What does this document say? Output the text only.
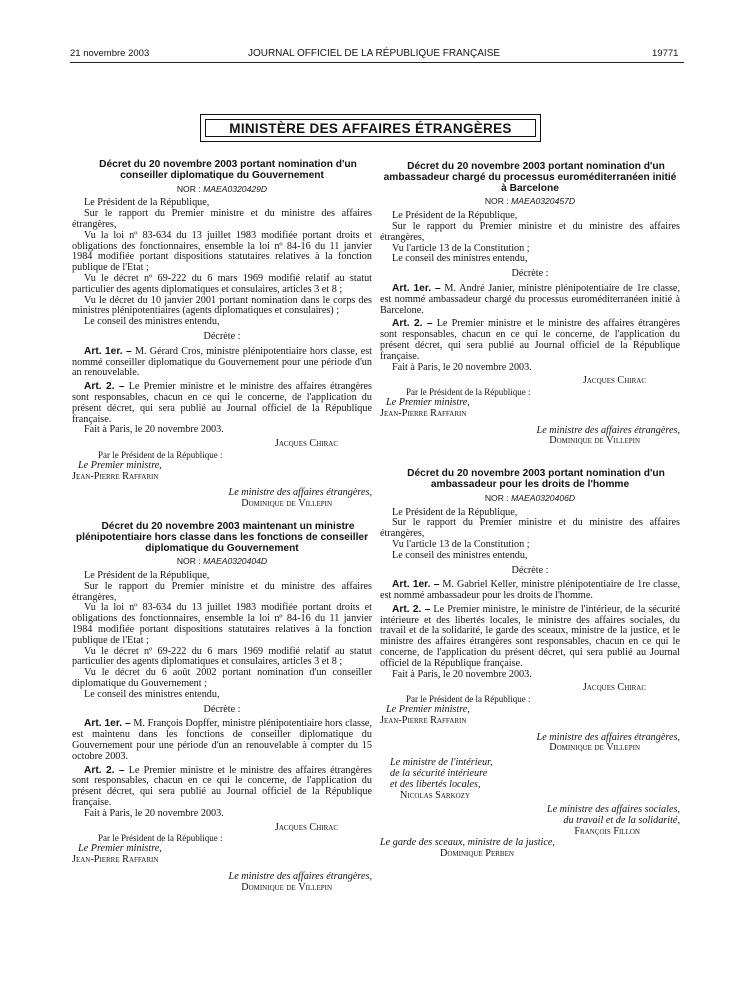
21 novembre 2003	JOURNAL OFFICIEL DE LA RÉPUBLIQUE FRANÇAISE	19771
MINISTÈRE DES AFFAIRES ÉTRANGÈRES

Décret du 20 novembre 2003 portant nomination d'un conseiller diplomatique du Gouvernement

NOR : MAEA0320429D

Le Président de la République,

Sur le rapport du Premier ministre et du ministre des affaires étrangères,

Vu la loi nº 83-634 du 13 juillet 1983 modifiée portant droits et obligations des fonctionnaires, ensemble la loi nº 84-16 du 11 janvier 1984 modifiée portant dispositions statutaires relatives à la fonction publique de l'Etat ;

Vu le décret nº 69-222 du 6 mars 1969 modifié relatif au statut particulier des agents diplomatiques et consulaires, articles 3 et 8 ;

Vu le décret du 10 janvier 2001 portant nomination dans le corps des ministres plénipotentiaires (agents diplomatiques et consulaires) ;

Le conseil des ministres entendu,

Décrète :

Art. 1er. – M. Gérard Cros, ministre plénipotentiaire hors classe, est nommé conseiller diplomatique du Gouvernement pour une période d'un an renouvelable.

Art. 2. – Le Premier ministre et le ministre des affaires étrangères sont responsables, chacun en ce qui le concerne, de l'application du présent décret, qui sera publié au Journal officiel de la République française.

Fait à Paris, le 20 novembre 2003.

Jacques Chirac

Par le Président de la République :

Le Premier ministre,

Jean-Pierre Raffarin

Le ministre des affaires étrangères,

Dominique de Villepin

Décret du 20 novembre 2003 maintenant un ministre plénipotentiaire hors classe dans les fonctions de conseiller diplomatique du Gouvernement

NOR : MAEA0320404D

Le Président de la République,

Sur le rapport du Premier ministre et du ministre des affaires étrangères,

Vu la loi nº 83-634 du 13 juillet 1983 modifiée portant droits et obligations des fonctionnaires, ensemble la loi nº 84-16 du 11 janvier 1984 modifiée portant dispositions statutaires relatives à la fonction publique de l'Etat ;

Vu le décret nº 69-222 du 6 mars 1969 modifié relatif au statut particulier des agents diplomatiques et consulaires, articles 3 et 8 ;

Vu le décret du 6 août 2002 portant nomination d'un conseiller diplomatique du Gouvernement ;

Le conseil des ministres entendu,

Décrète :

Art. 1er. – M. François Dopffer, ministre plénipotentiaire hors classe, est maintenu dans les fonctions de conseiller diplomatique du Gouvernement pour une période d'un an renouvelable à compter du 15 octobre 2003.

Art. 2. – Le Premier ministre et le ministre des affaires étrangères sont responsables, chacun en ce qui le concerne, de l'application du présent décret, qui sera publié au Journal officiel de la République française.

Fait à Paris, le 20 novembre 2003.

Jacques Chirac

Par le Président de la République :

Le Premier ministre,

Jean-Pierre Raffarin

Le ministre des affaires étrangères,

Dominique de Villepin

Décret du 20 novembre 2003 portant nomination d'un ambassadeur chargé du processus euroméditerranéen initié à Barcelone

NOR : MAEA0320457D

Le Président de la République,

Sur le rapport du Premier ministre et du ministre des affaires étrangères,

Vu l'article 13 de la Constitution ;

Le conseil des ministres entendu,

Décrète :

Art. 1er. – M. André Janier, ministre plénipotentiaire de 1re classe, est nommé ambassadeur chargé du processus euroméditerranéen initié à Barcelone.

Art. 2. – Le Premier ministre et le ministre des affaires étrangères sont responsables, chacun en ce qui le concerne, de l'application du présent décret, qui sera publié au Journal officiel de la République française.

Fait à Paris, le 20 novembre 2003.

Jacques Chirac

Par le Président de la République :

Le Premier ministre,

Jean-Pierre Raffarin

Le ministre des affaires étrangères,

Dominique de Villepin

Décret du 20 novembre 2003 portant nomination d'un ambassadeur pour les droits de l'homme

NOR : MAEA0320406D

Le Président de la République,

Sur le rapport du Premier ministre et du ministre des affaires étrangères,

Vu l'article 13 de la Constitution ;

Le conseil des ministres entendu,

Décrète :

Art. 1er. – M. Gabriel Keller, ministre plénipotentiaire de 1re classe, est nommé ambassadeur pour les droits de l'homme.

Art. 2. – Le Premier ministre, le ministre de l'intérieur, de la sécurité intérieure et des libertés locales, le ministre des affaires sociales, du travail et de la solidarité, le garde des sceaux, ministre de la justice, et le ministre des affaires étrangères sont responsables, chacun en ce qui le concerne, de l'application du présent décret, qui sera publié au Journal officiel de la République française.

Fait à Paris, le 20 novembre 2003.

Jacques Chirac

Par le Président de la République :

Le Premier ministre,

Jean-Pierre Raffarin

Le ministre des affaires étrangères,

Dominique de Villepin

Le ministre de l'intérieur,

de la sécurité intérieure

et des libertés locales,

Nicolas Sarkozy

Le ministre des affaires sociales,

du travail et de la solidarité,

François Fillon

Le garde des sceaux, ministre de la justice,

Dominique Perben
